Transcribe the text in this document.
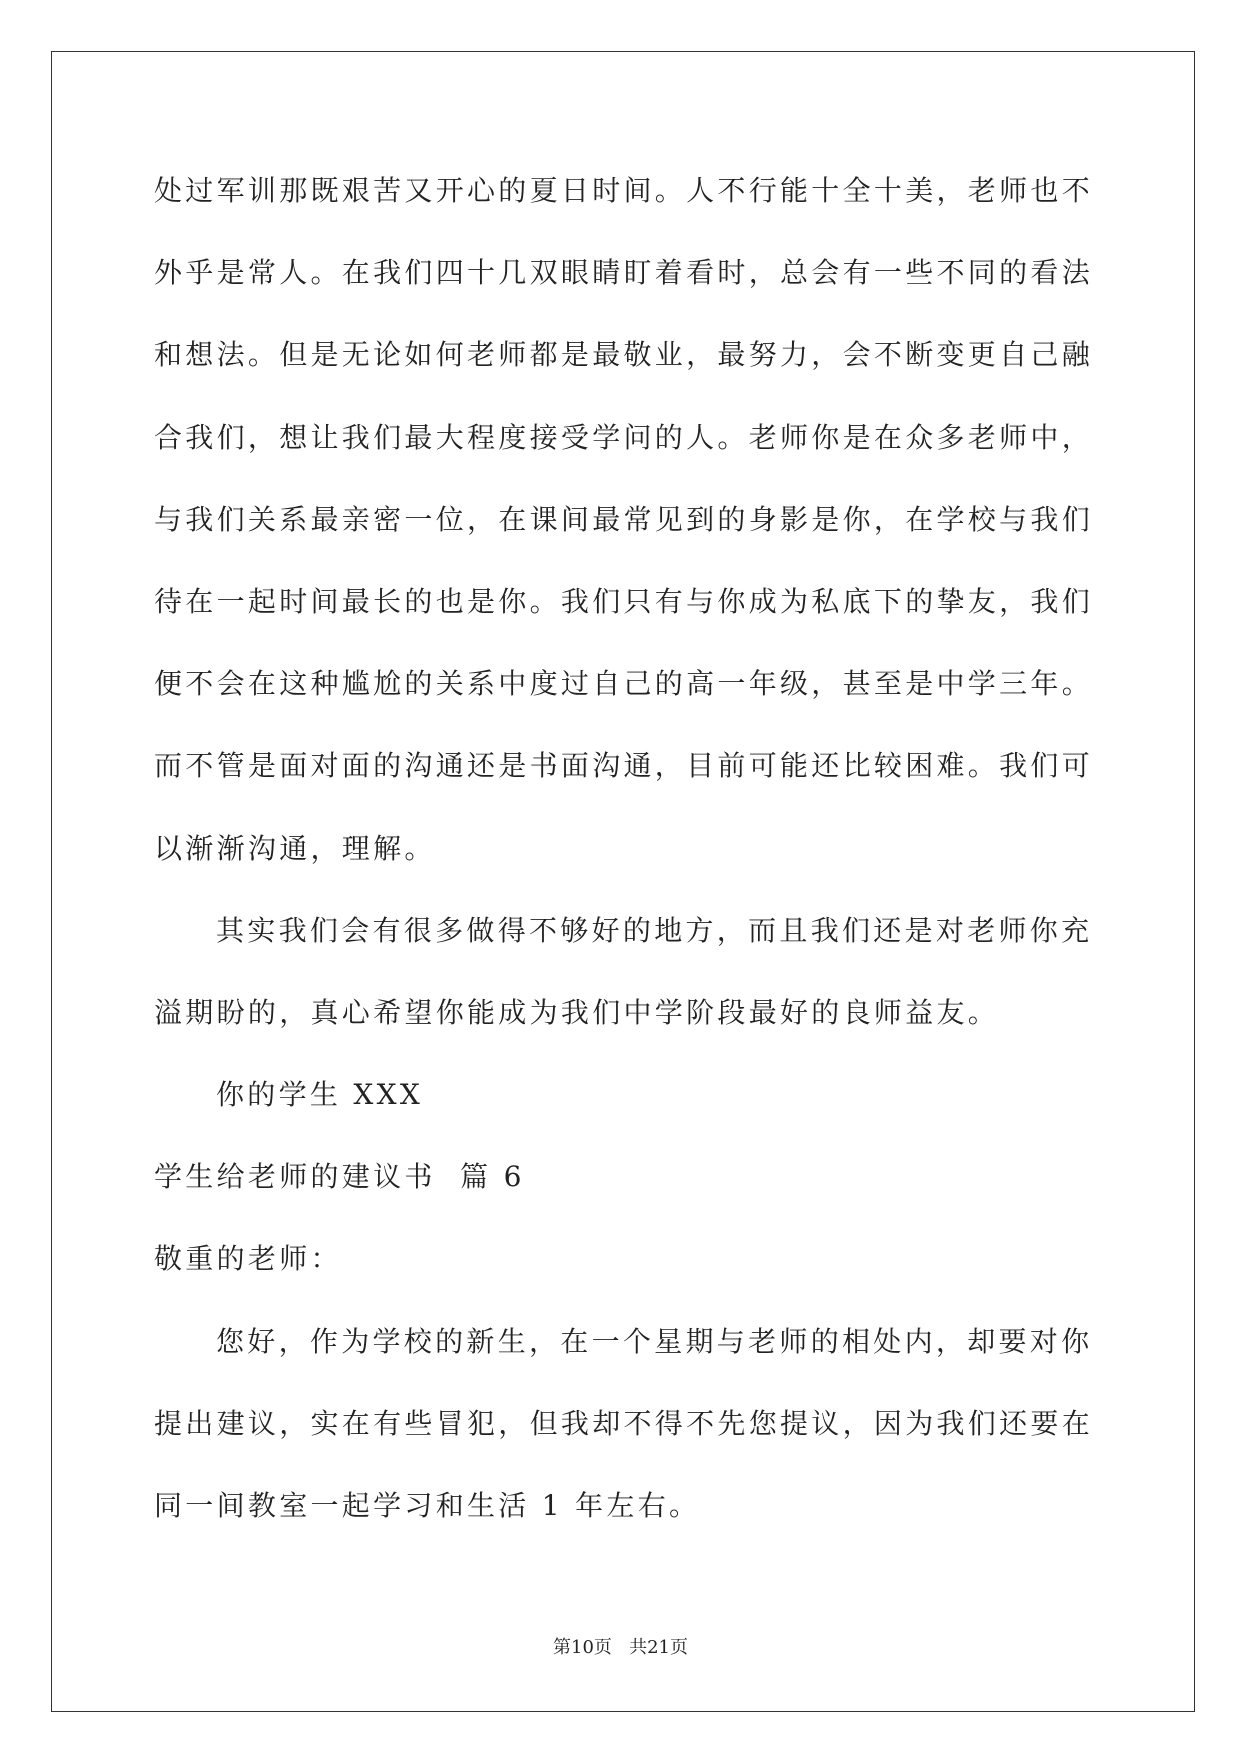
处过军训那既艰苦又开心的夏日时间。人不行能十全十美，老师也不
外乎是常人。在我们四十几双眼睛盯着看时，总会有一些不同的看法
和想法。但是无论如何老师都是最敬业，最努力，会不断变更自己融
合我们，想让我们最大程度接受学问的人。老师你是在众多老师中，
与我们关系最亲密一位，在课间最常见到的身影是你，在学校与我们
待在一起时间最长的也是你。我们只有与你成为私底下的挚友，我们
便不会在这种尴尬的关系中度过自己的高一年级，甚至是中学三年。
而不管是面对面的沟通还是书面沟通，目前可能还比较困难。我们可
以渐渐沟通，理解。
其实我们会有很多做得不够好的地方，而且我们还是对老师你充
溢期盼的，真心希望你能成为我们中学阶段最好的良师益友。
你的学生 XXX
学生给老师的建议书  篇 6
敬重的老师：
您好，作为学校的新生，在一个星期与老师的相处内，却要对你
提出建议，实在有些冒犯，但我却不得不先您提议，因为我们还要在
同一间教室一起学习和生活 1 年左右。
第10页   共21页
